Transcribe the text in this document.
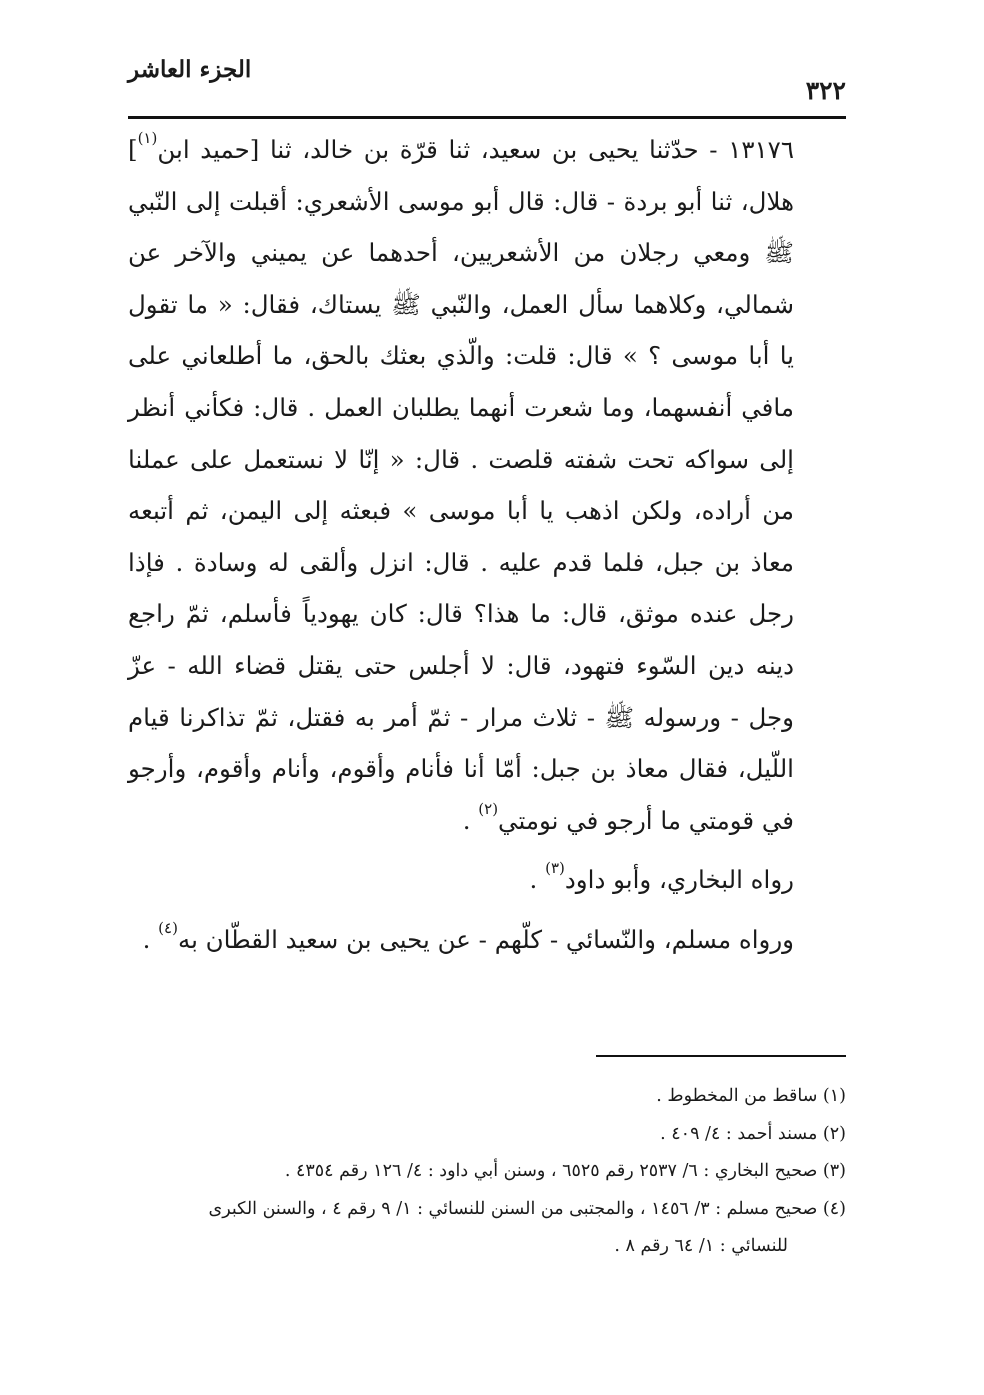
الجزء العاشر
٣٢٢

١٣١٧٦ - حدّثنا يحيى بن سعيد، ثنا قرّة بن خالد، ثنا [حميد ابن$^{(١)}$] هلال، ثنا أبو بردة - قال: قال أبو موسى الأشعري: أقبلت إلى النّبي ﷺ ومعي رجلان من الأشعريين، أحدهما عن يميني والآخر عن شمالي، وكلاهما سأل العمل، والنّبي ﷺ يستاك، فقال: « ما تقول يا أبا موسى ؟ » قال: قلت: والّذي بعثك بالحق، ما أطلعاني على مافي أنفسهما، وما شعرت أنهما يطلبان العمل . قال: فكأني أنظر إلى سواكه تحت شفته قلصت . قال: « إنّا لا نستعمل على عملنا من أراده، ولكن اذهب يا أبا موسى » فبعثه إلى اليمن، ثم أتبعه معاذ بن جبل، فلما قدم عليه . قال: انزل وألقى له وسادة . فإذا رجل عنده موثق، قال: ما هذا؟ قال: كان يهودياً فأسلم، ثمّ راجع دينه دين السّوء فتهود، قال: لا أجلس حتى يقتل قضاء الله - عزّ وجل - ورسوله ﷺ - ثلاث مرار - ثمّ أمر به فقتل، ثمّ تذاكرنا قيام اللّيل، فقال معاذ بن جبل: أمّا أنا فأنام وأقوم، وأنام وأقوم، وأرجو في قومتي ما أرجو في نومتي$^{(٢)}$ .

رواه البخاري، وأبو داود$^{(٣)}$ .

ورواه مسلم، والنّسائي - كلّهم - عن يحيى بن سعيد القطّان به$^{(٤)}$ .

(١) ساقط من المخطوط .

(٢) مسند أحمد : ٤/ ٤٠٩ .

(٣) صحيح البخاري : ٦/ ٢٥٣٧ رقم ٦٥٢٥ ، وسنن أبي داود : ٤/ ١٢٦ رقم ٤٣٥٤ .

(٤) صحيح مسلم : ٣/ ١٤٥٦ ، والمجتبى من السنن للنسائي : ١/ ٩ رقم ٤ ، والسنن الكبرى

للنسائي : ١/ ٦٤ رقم ٨ .
